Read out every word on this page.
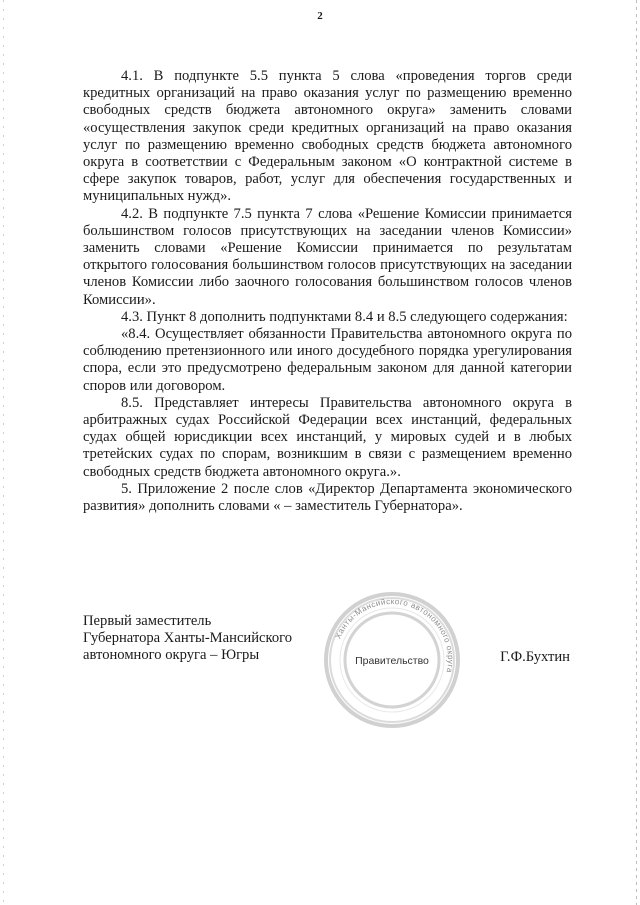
2

4.1. В подпункте 5.5 пункта 5 слова «проведения торгов среди кредитных организаций на право оказания услуг по размещению временно свободных средств бюджета автономного округа» заменить словами «осуществления закупок среди кредитных организаций на право оказания услуг по размещению временно свободных средств бюджета автономного округа в соответствии с Федеральным законом «О контрактной системе в сфере закупок товаров, работ, услуг для обеспечения государственных и муниципальных нужд».

4.2. В подпункте 7.5 пункта 7 слова «Решение Комиссии принимается большинством голосов присутствующих на заседании членов Комиссии» заменить словами «Решение Комиссии принимается по результатам открытого голосования большинством голосов присутствующих на заседании членов Комиссии либо заочного голосования большинством голосов членов Комиссии».

4.3. Пункт 8 дополнить подпунктами 8.4 и 8.5 следующего содержания:

«8.4. Осуществляет обязанности Правительства автономного округа по соблюдению претензионного или иного досудебного порядка урегулирования спора, если это предусмотрено федеральным законом для данной категории споров или договором.

8.5. Представляет интересы Правительства автономного округа в арбитражных судах Российской Федерации всех инстанций, федеральных судах общей юрисдикции всех инстанций, у мировых судей и в любых третейских судах по спорам, возникшим в связи с размещением временно свободных средств бюджета автономного округа.».

5. Приложение 2 после слов «Директор Департамента экономического развития» дополнить словами « – заместитель Губернатора».

Первый заместитель
Губернатора Ханты-Мансийского
автономного округа – Югры	Г.Ф.Бухтин
Ханты-Мансийского автономного округа
Правительство
